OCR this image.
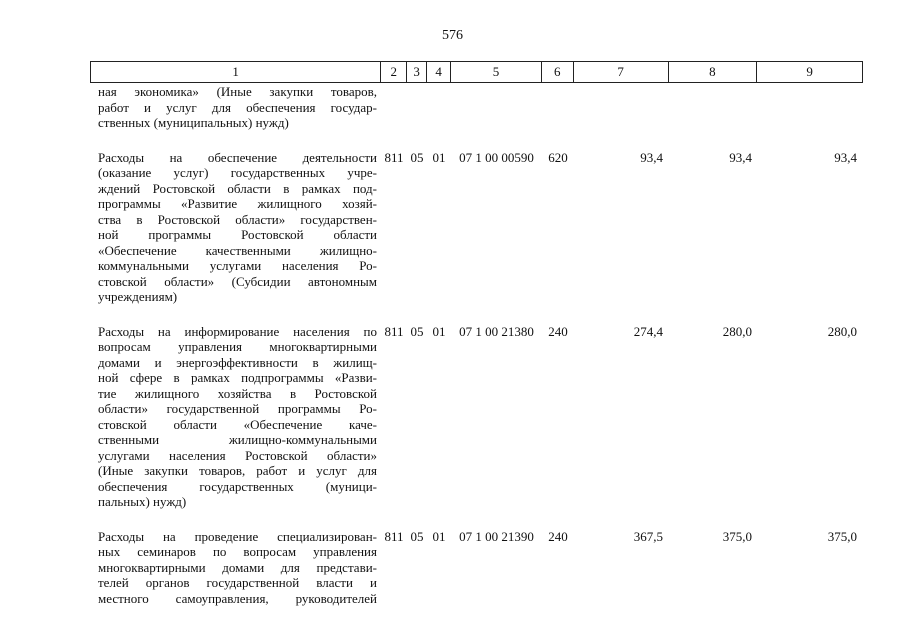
576
1	2	3	4	5	6	7	8	9
ная экономика» (Иные закупки товаров,
работ и услуг для обеспечения государ-
ственных (муниципальных) нужд)
Расходы на обеспечение деятельности
(оказание услуг) государственных учре-
ждений Ростовской области в рамках под-
программы «Развитие жилищного хозяй-
ства в Ростовской области» государствен-
ной программы Ростовской области
«Обеспечение качественными жилищно-
коммунальными услугами населения Ро-
стовской области» (Субсидии автономным
учреждениям)
811 05 01	07 1 00 00590	620	93,4	93,4	93,4
Расходы на информирование населения по
вопросам управления многоквартирными
домами и энергоэффективности в жилищ-
ной сфере в рамках подпрограммы «Разви-
тие жилищного хозяйства в Ростовской
области» государственной программы Ро-
стовской области «Обеспечение каче-
ственными жилищно-коммунальными
услугами населения Ростовской области»
(Иные закупки товаров, работ и услуг для
обеспечения государственных (муници-
пальных) нужд)
811 05 01	07 1 00 21380	240	274,4	280,0	280,0
Расходы на проведение специализирован-
ных семинаров по вопросам управления
многоквартирными домами для представи-
телей органов государственной власти и
местного самоуправления, руководителей
811 05 01	07 1 00 21390	240	367,5	375,0	375,0
